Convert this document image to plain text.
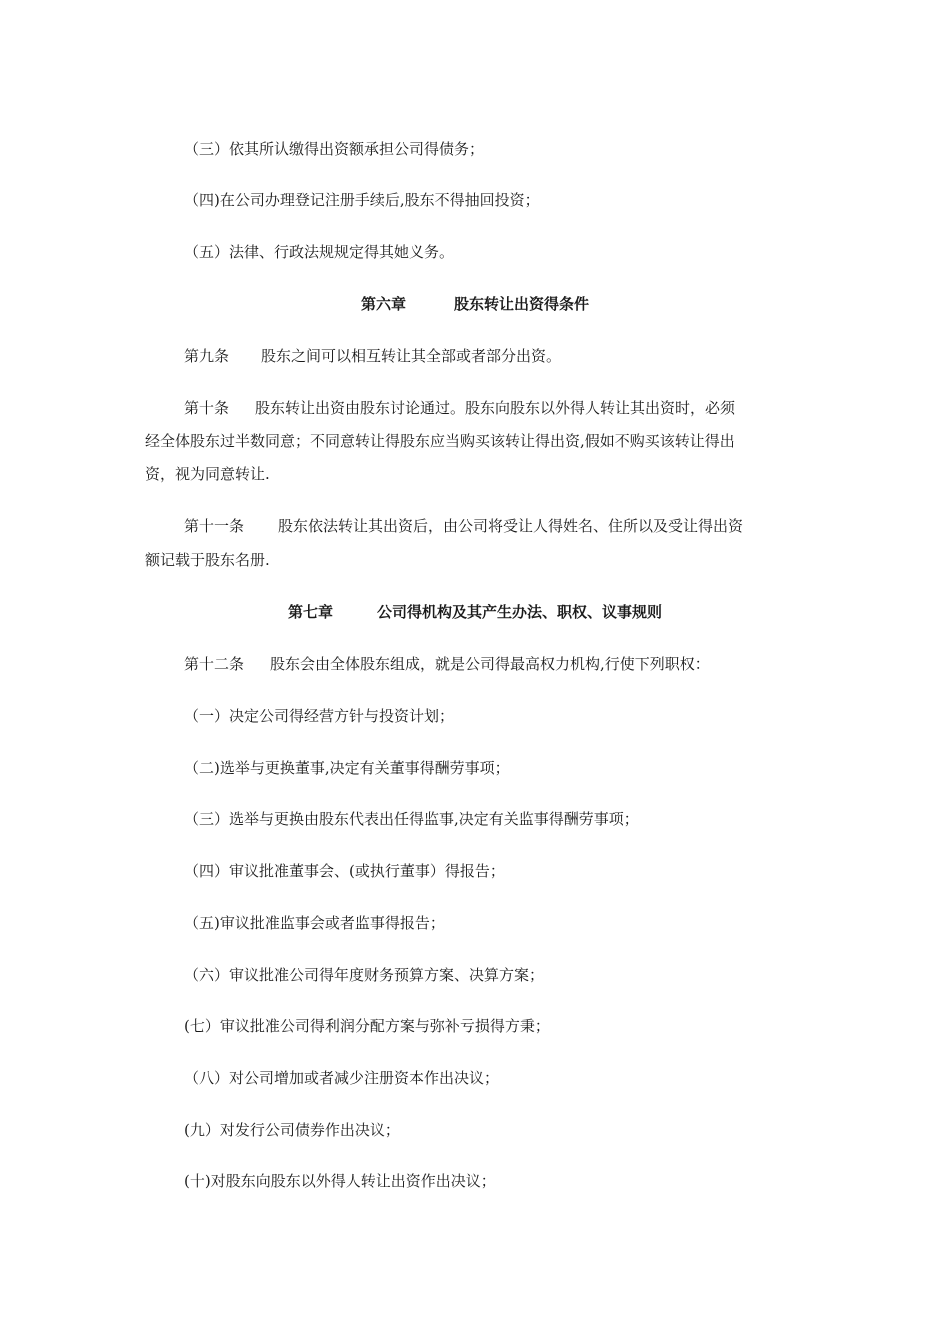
（三）依其所认缴得出资额承担公司得债务；
（四)在公司办理登记注册手续后,股东不得抽回投资；
（五）法律、行政法规规定得其她义务。
第六章	股东转让出资得条件
第九条 股东之间可以相互转让其全部或者部分出资。
第十条 股东转让出资由股东讨论通过。股东向股东以外得人转让其出资时，必须
经全体股东过半数同意；不同意转让得股东应当购买该转让得出资,假如不购买该转让得出
资，视为同意转让.
第十一条 股东依法转让其出资后，由公司将受让人得姓名、住所以及受让得出资
额记载于股东名册.
第七章	公司得机构及其产生办法、职权、议事规则
第十二条 股东会由全体股东组成，就是公司得最高权力机构,行使下列职权：
（一）决定公司得经营方针与投资计划；
（二)选举与更换董事,决定有关董事得酬劳事项；
（三）选举与更换由股东代表出任得监事,决定有关监事得酬劳事项；
（四）审议批准董事会、(或执行董事）得报告；
（五)审议批准监事会或者监事得报告；
（六）审议批准公司得年度财务预算方案、决算方案；
(七）审议批准公司得利润分配方案与弥补亏损得方秉；
（八）对公司增加或者减少注册资本作出决议；
(九）对发行公司债券作出决议；
(十)对股东向股东以外得人转让出资作出决议；
